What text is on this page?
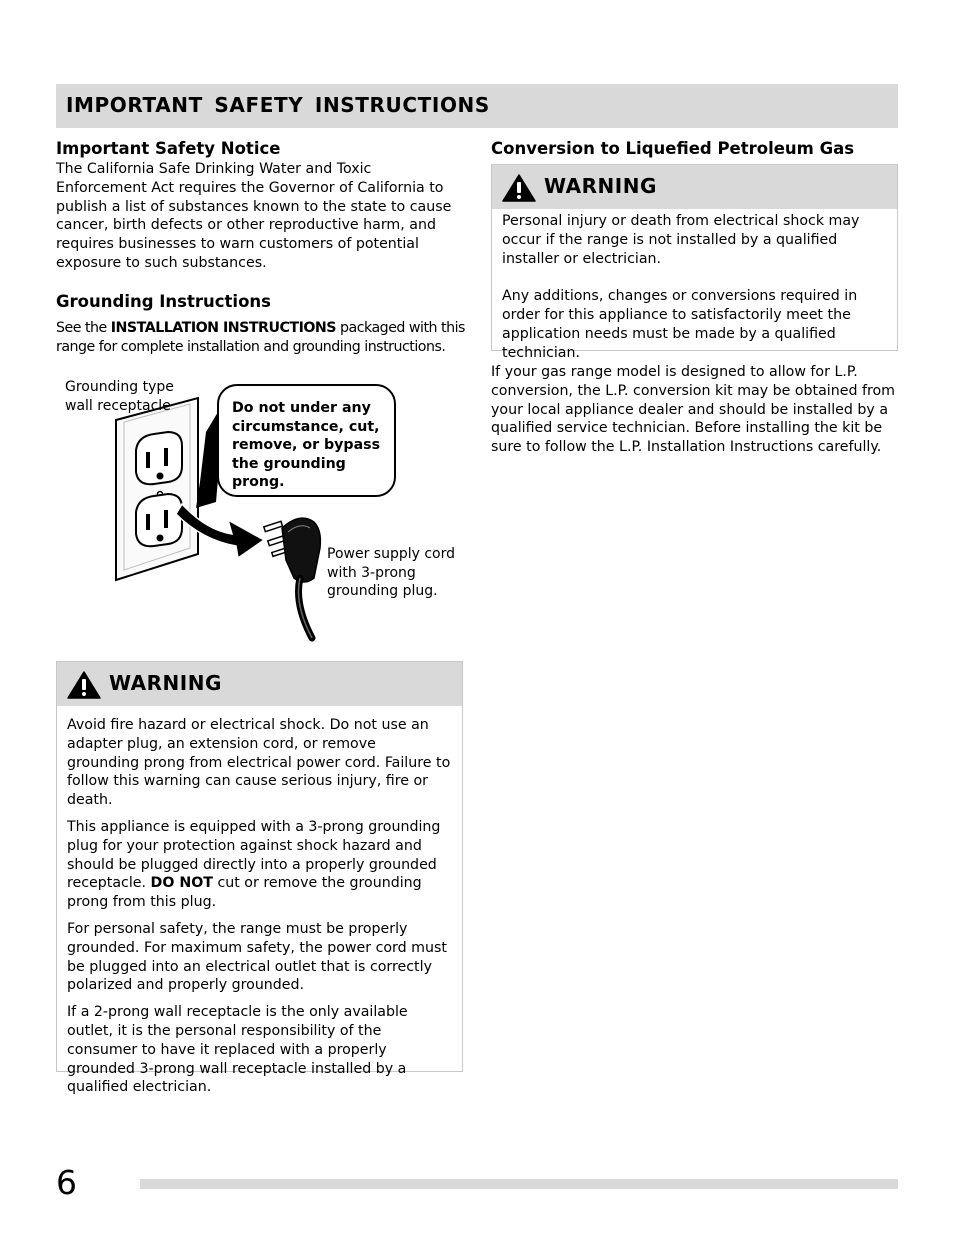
IMPORTANT SAFETY INSTRUCTIONS
Important Safety Notice

The California Safe Drinking Water and Toxic Enforcement Act requires the Governor of California to publish a list of substances known to the state to cause cancer, birth defects or other reproductive harm, and requires businesses to warn customers of potential exposure to such substances.

Grounding Instructions

See the INSTALLATION INSTRUCTIONS packaged with this range for complete installation and grounding instructions.

Grounding type wall receptacle	Do not under any circumstance, cut, remove, or bypass the grounding prong.
Power supply cord with 3-prong grounding plug.
WARNING

Avoid fire hazard or electrical shock. Do not use an adapter plug, an extension cord, or remove grounding prong from electrical power cord. Failure to follow this warning can cause serious injury, fire or death.

This appliance is equipped with a 3-prong grounding plug for your protection against shock hazard and should be plugged directly into a properly grounded receptacle. DO NOT cut or remove the grounding prong from this plug.

For personal safety, the range must be properly grounded. For maximum safety, the power cord must be plugged into an electrical outlet that is correctly polarized and properly grounded.

If a 2-prong wall receptacle is the only available outlet, it is the personal responsibility of the consumer to have it replaced with a properly grounded 3-prong wall receptacle installed by a qualified electrician.

Conversion to Liquefied Petroleum Gas
WARNING

Personal injury or death from electrical shock may occur if the range is not installed by a qualified installer or electrician.

Any additions, changes or conversions required in order for this appliance to satisfactorily meet the application needs must be made by a qualified technician.

If your gas range model is designed to allow for L.P. conversion, the L.P. conversion kit may be obtained from your local appliance dealer and should be installed by a qualified service technician. Before installing the kit be sure to follow the L.P. Installation Instructions carefully.

6
